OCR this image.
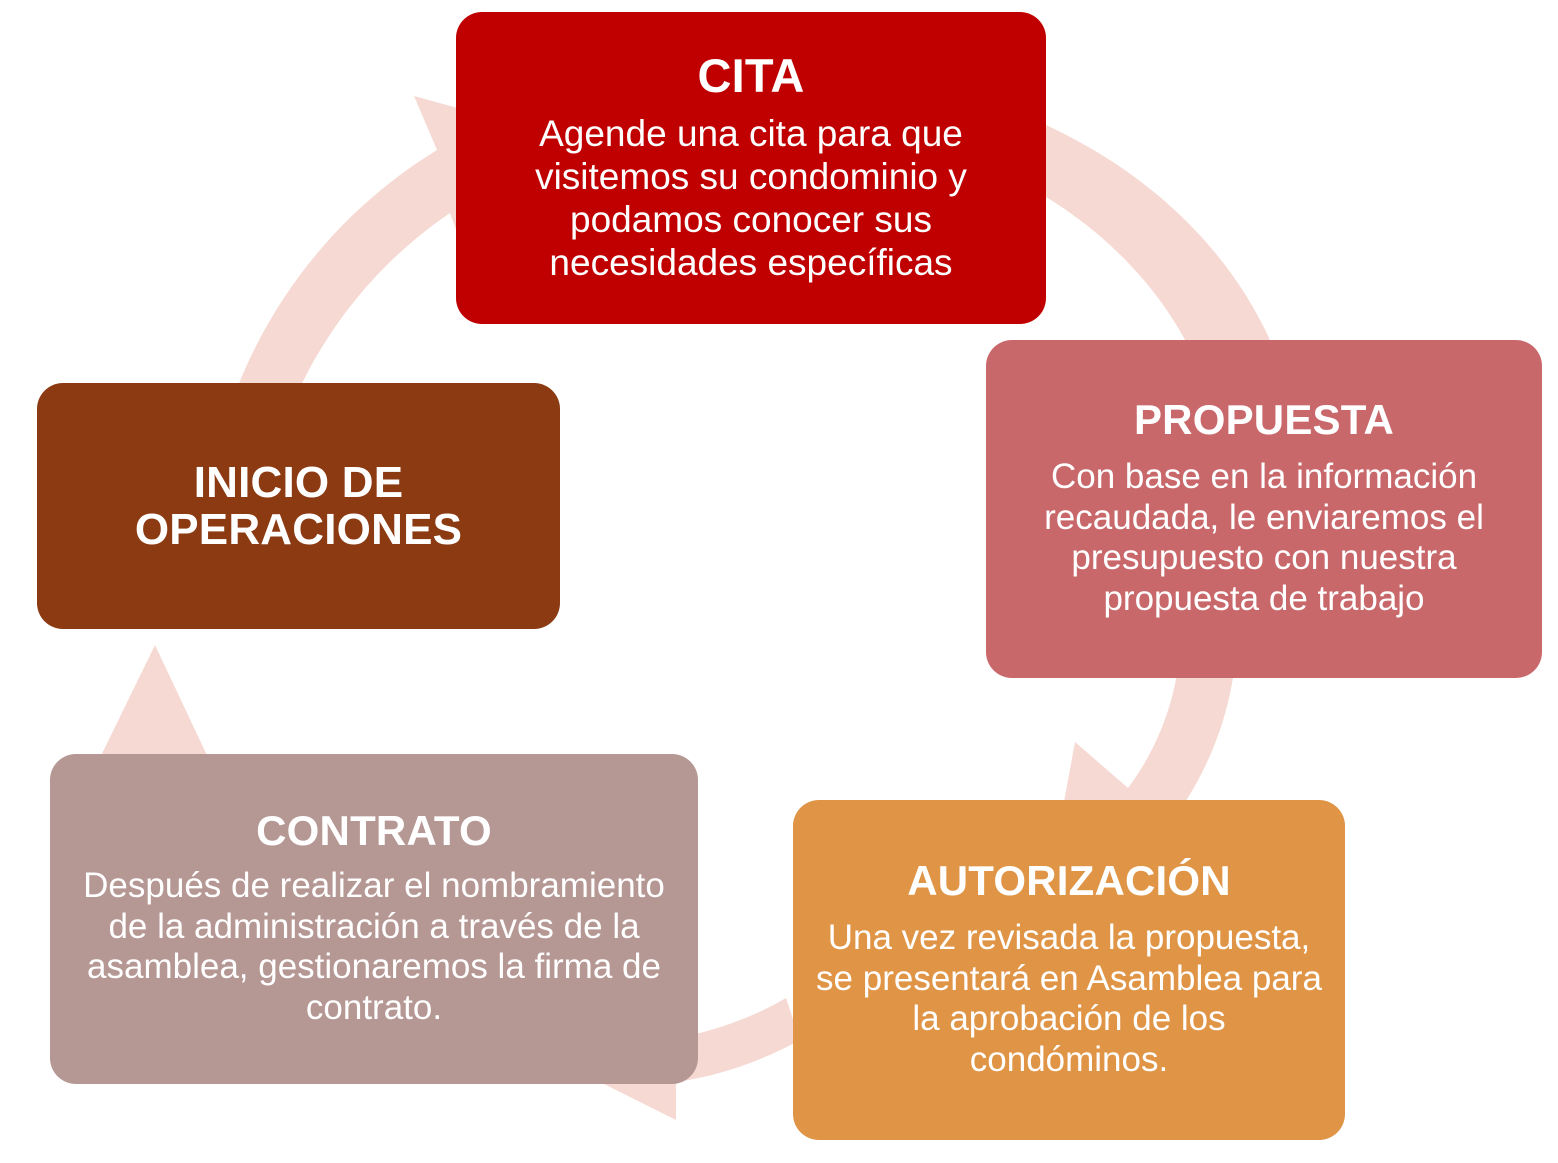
CITA
Agende una cita para que visitemos su condominio y podamos conocer sus necesidades específicas
PROPUESTA
Con base en la información recaudada, le enviaremos el presupuesto con nuestra propuesta de trabajo
AUTORIZACIÓN
Una vez revisada la propuesta, se presentará en Asamblea para la aprobación de los condóminos.
CONTRATO
Después de realizar el nombramiento de la administración a través de la asamblea, gestionaremos la firma de contrato.
INICIO DE OPERACIONES
